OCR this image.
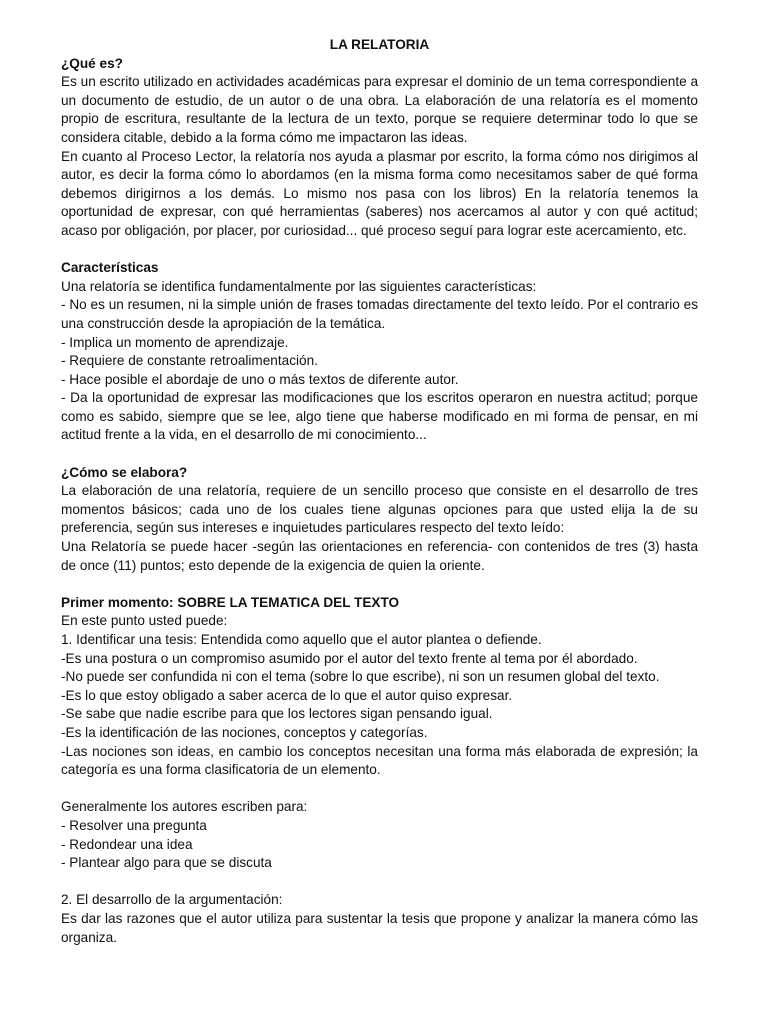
LA RELATORIA

¿Qué es?

Es un escrito utilizado en actividades académicas para expresar el dominio de un tema correspondiente a un documento de estudio, de un autor o de una obra. La elaboración de una relatoría es el momento propio de escritura, resultante de la lectura de un texto, porque se requiere determinar todo lo que se considera citable, debido a la forma cómo me impactaron las ideas.

En cuanto al Proceso Lector, la relatoría nos ayuda a plasmar por escrito, la forma cómo nos dirigimos al autor, es decir la forma cómo lo abordamos (en la misma forma como necesitamos saber de qué forma debemos dirigirnos a los demás. Lo mismo nos pasa con los libros) En la relatoría tenemos la oportunidad de expresar, con qué herramientas (saberes) nos acercamos al autor y con qué actitud; acaso por obligación, por placer, por curiosidad... qué proceso seguí para lograr este acercamiento, etc.

Características

Una relatoría se identifica fundamentalmente por las siguientes características:

- No es un resumen, ni la simple unión de frases tomadas directamente del texto leído. Por el contrario es una construcción desde la apropiación de la temática.

- Implica un momento de aprendizaje.

- Requiere de constante retroalimentación.

- Hace posible el abordaje de uno o más textos de diferente autor.

- Da la oportunidad de expresar las modificaciones que los escritos operaron en nuestra actitud; porque como es sabido, siempre que se lee, algo tiene que haberse modificado en mi forma de pensar, en mi actitud frente a la vida, en el desarrollo de mi conocimiento...

¿Cómo se elabora?

La elaboración de una relatoría, requiere de un sencillo proceso que consiste en el desarrollo de tres momentos básicos; cada uno de los cuales tiene algunas opciones para que usted elija la de su preferencia, según sus intereses e inquietudes particulares respecto del texto leído:

Una Relatoría se puede hacer -según las orientaciones en referencia- con contenidos de tres (3) hasta de once (11) puntos; esto depende de la exigencia de quien la oriente.

Primer momento: SOBRE LA TEMATICA DEL TEXTO

En este punto usted puede:

1. Identificar una tesis: Entendida como aquello que el autor plantea o defiende.

-Es una postura o un compromiso asumido por el autor del texto frente al tema por él abordado.

-No puede ser confundida ni con el tema (sobre lo que escribe), ni son un resumen global del texto.

-Es lo que estoy obligado a saber acerca de lo que el autor quiso expresar.

-Se sabe que nadie escribe para que los lectores sigan pensando igual.

-Es la identificación de las nociones, conceptos y categorías.

-Las nociones son ideas, en cambio los conceptos necesitan una forma más elaborada de expresión; la categoría es una forma clasificatoria de un elemento.

Generalmente los autores escriben para:

- Resolver una pregunta

- Redondear una idea

- Plantear algo para que se discuta

2. El desarrollo de la argumentación:

Es dar las razones que el autor utiliza para sustentar la tesis que propone y analizar la manera cómo las organiza.
